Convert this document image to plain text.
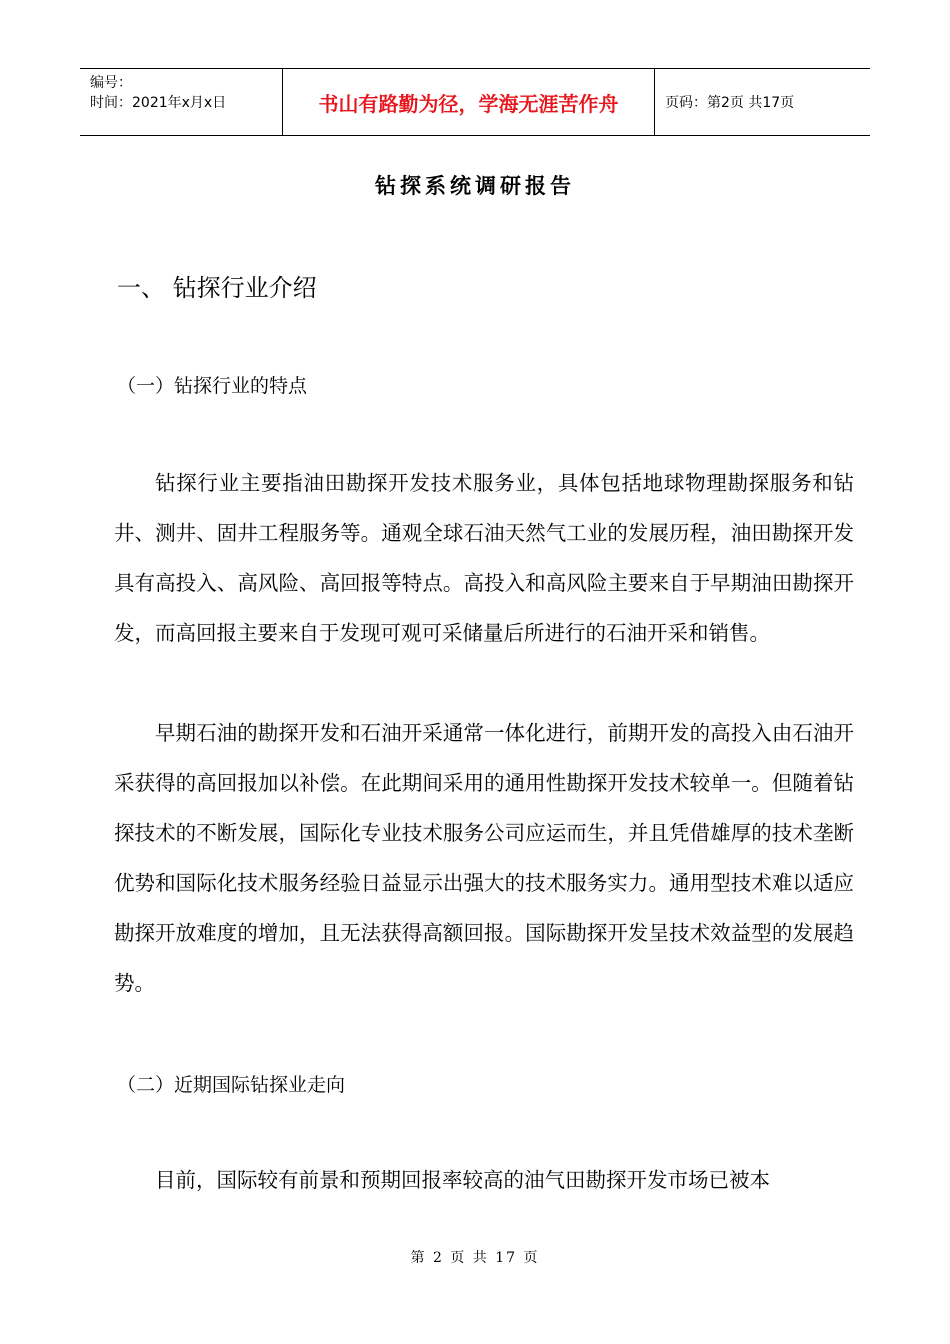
编号：
时间：2021年x月x日	书山有路勤为径，学海无涯苦作舟	页码：第2页 共17页
钻探系统调研报告
一、 钻探行业介绍
（一）钻探行业的特点

钻探行业主要指油田勘探开发技术服务业，具体包括地球物理勘探服务和钻井、测井、固井工程服务等。通观全球石油天然气工业的发展历程，油田勘探开发具有高投入、高风险、高回报等特点。高投入和高风险主要来自于早期油田勘探开发，而高回报主要来自于发现可观可采储量后所进行的石油开采和销售。

早期石油的勘探开发和石油开采通常一体化进行，前期开发的高投入由石油开采获得的高回报加以补偿。在此期间采用的通用性勘探开发技术较单一。但随着钻探技术的不断发展，国际化专业技术服务公司应运而生，并且凭借雄厚的技术垄断优势和国际化技术服务经验日益显示出强大的技术服务实力。通用型技术难以适应勘探开放难度的增加，且无法获得高额回报。国际勘探开发呈技术效益型的发展趋势。

（二）近期国际钻探业走向

目前，国际较有前景和预期回报率较高的油气田勘探开发市场已被本

第 2 页 共 17 页
